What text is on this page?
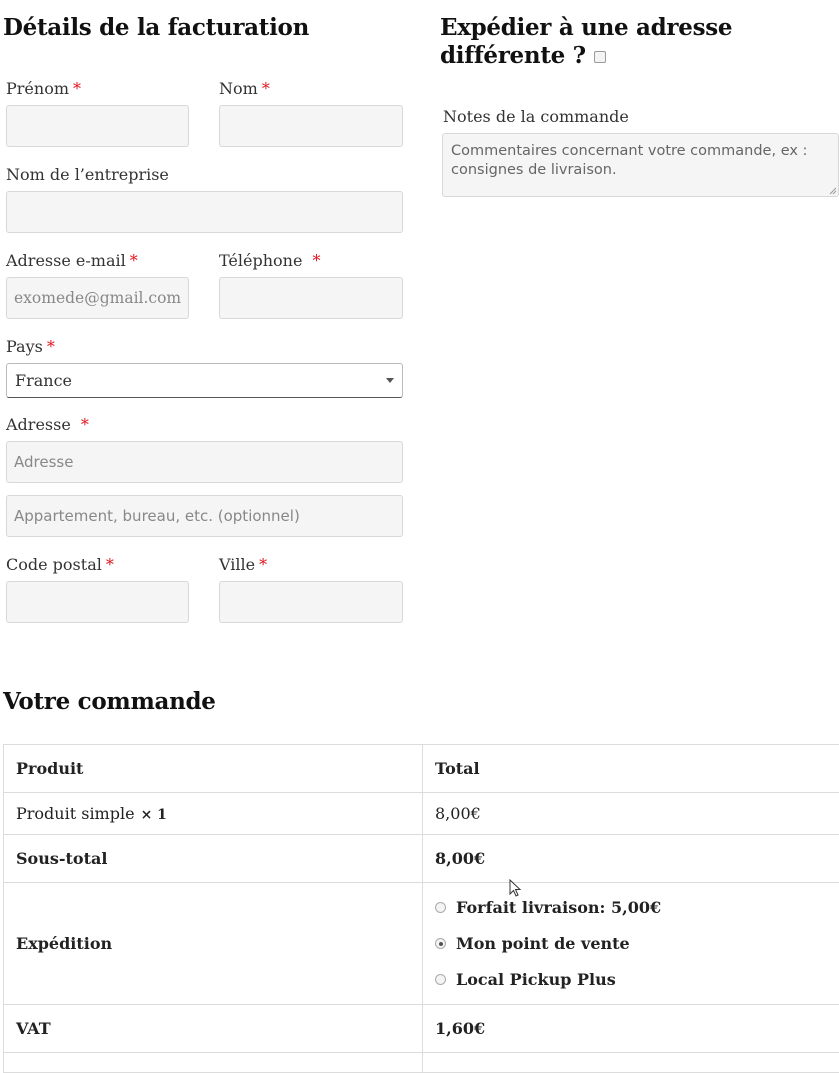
Détails de la facturation
Prénom *	Nom *
Nom de l’entreprise
Adresse e-mail *	Téléphone *
exomede@gmail.com
Pays *
France
Adresse *
Adresse
Appartement, bureau, etc. (optionnel)
Code postal *	Ville *
Expédier à une adresse
différente ?
Notes de la commande
Commentaires concernant votre commande, ex : consignes de livraison.
Votre commande
Produit	Total
Produit simple × 1	8,00€
Sous-total	8,00€
Expédition	Forfait livraison: 5,00€
Mon point de vente
Local Pickup Plus

VAT	1,60€
